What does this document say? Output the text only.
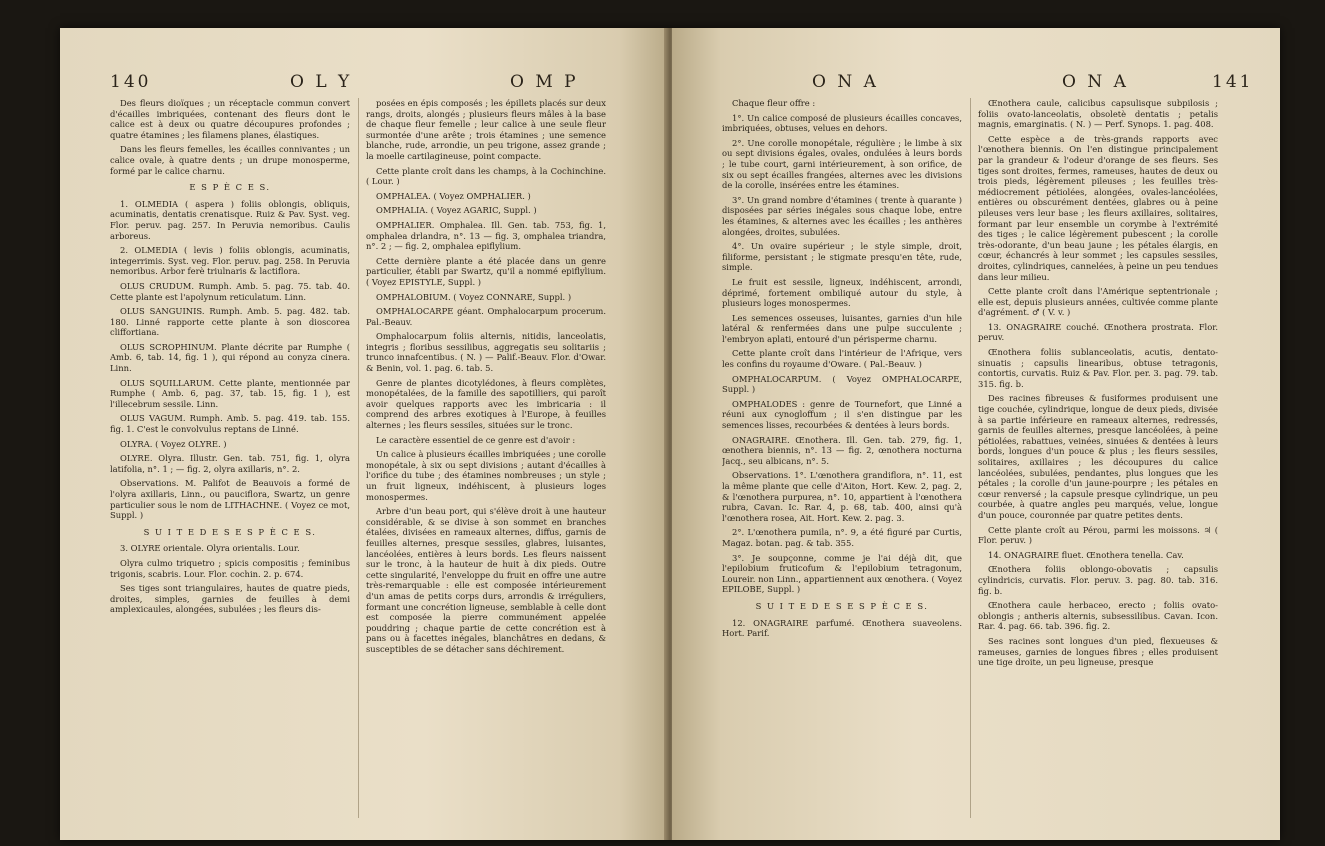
140	O L Y	O M P

Des fleurs dioïques ; un réceptacle commun convert d'écailles imbriquées, contenant des fleurs dont le calice est à deux ou quatre découpures profondes ; quatre étamines ; les filamens planes, élastiques.

Dans les fleurs femelles, les écailles connivantes ; un calice ovale, à quatre dents ; un drupe monosperme, formé par le calice charnu.

E S P È C E S.

1. OLMEDIA ( aspera ) foliis oblongis, obliquis, acuminatis, dentatis crenatisque. Ruiz & Pav. Syst. veg. Flor. peruv. pag. 257. In Peruvia nemoribus. Caulis arboreus.

2. OLMEDIA ( levis ) foliis oblongis, acuminatis, integerrimis. Syst. veg. Flor. peruv. pag. 258. In Peruvia nemoribus. Arbor ferè triulnaris & lactiflora.

OLUS CRUDUM. Rumph. Amb. 5. pag. 75. tab. 40. Cette plante est l'apolynum reticulatum. Linn.

OLUS SANGUINIS. Rumph. Amb. 5. pag. 482. tab. 180. Linné rapporte cette plante à son dioscorea cliffortiana.

OLUS SCROPHINUM. Plante décrite par Rumphe ( Amb. 6, tab. 14, fig. 1 ), qui répond au conyza cinera. Linn.

OLUS SQUILLARUM. Cette plante, mentionnée par Rumphe ( Amb. 6, pag. 37, tab. 15, fig. 1 ), est l'illecebrum sessile. Linn.

OLUS VAGUM. Rumph. Amb. 5. pag. 419. tab. 155. fig. 1. C'est le convolvulus reptans de Linné.

OLYRA. ( Voyez OLYRE. )

OLYRE. Olyra. Illustr. Gen. tab. 751, fig. 1, olyra latifolia, n°. 1 ; — fig. 2, olyra axillaris, n°. 2.

Observations. M. Palifot de Beauvois a formé de l'olyra axillaris, Linn., ou pauciflora, Swartz, un genre particulier sous le nom de LITHACHNE. ( Voyez ce mot, Suppl. )

S U I T E D E S E S P È C E S.

3. OLYRE orientale. Olyra orientalis. Lour.

Olyra culmo triquetro ; spicis compositis ; feminibus trigonis, scabris. Lour. Flor. cochin. 2. p. 674.

Ses tiges sont triangulaires, hautes de quatre pieds, droites, simples, garnies de feuilles à demi amplexicaules, alongées, subulées ; les fleurs dis-

posées en épis composés ; les épillets placés sur deux rangs, droits, alongés ; plusieurs fleurs mâles à la base de chaque fleur femelle ; leur calice à une seule fleur surmontée d'une arête ; trois étamines ; une semence blanche, rude, arrondie, un peu trigone, assez grande ; la moelle cartilagineuse, point compacte.

Cette plante croît dans les champs, à la Cochinchine. ( Lour. )

OMPHALEA. ( Voyez OMPHALIER. )

OMPHALIA. ( Voyez AGARIC, Suppl. )

OMPHALIER. Omphalea. Ill. Gen. tab. 753, fig. 1, omphalea drlandra, n°. 13 — fig. 3, omphalea triandra, n°. 2 ; — fig. 2, omphalea epiflylium.

Cette dernière plante a été placée dans un genre particulier, établi par Swartz, qu'il a nommé epiflylium. ( Voyez EPISTYLE, Suppl. )

OMPHALOBIUM. ( Voyez CONNARE, Suppl. )

OMPHALOCARPE géant. Omphalocarpum procerum. Pal.-Beauv.

Omphalocarpum foliis alternis, nitidis, lanceolatis, integris ; floribus sessilibus, aggregatis seu solitariis ; trunco innafcentibus. ( N. ) — Palif.-Beauv. Flor. d'Owar. & Benin, vol. 1. pag. 6. tab. 5.

Genre de plantes dicotylédones, à fleurs complètes, monopétalées, de la famille des sapotilliers, qui paroît avoir quelques rapports avec les imbricaria : il comprend des arbres exotiques à l'Europe, à feuilles alternes ; les fleurs sessiles, situées sur le tronc.

Le caractère essentiel de ce genre est d'avoir :

Un calice à plusieurs écailles imbriquées ; une corolle monopétale, à six ou sept divisions ; autant d'écailles à l'orifice du tube ; des étamines nombreuses ; un style ; un fruit ligneux, indéhiscent, à plusieurs loges monospermes.

Arbre d'un beau port, qui s'élève droit à une hauteur considérable, & se divise à son sommet en branches étalées, divisées en rameaux alternes, diffus, garnis de feuilles alternes, presque sessiles, glabres, luisantes, lancéolées, entières à leurs bords. Les fleurs naissent sur le tronc, à la hauteur de huit à dix pieds. Outre cette singularité, l'enveloppe du fruit en offre une autre très-remarquable : elle est composée intérieurement d'un amas de petits corps durs, arrondis & irréguliers, formant une concrétion ligneuse, semblable à celle dont est composée la pierre communément appelée pouddring ; chaque partie de cette concrétion est à pans ou à facettes inégales, blanchâtres en dedans, & susceptibles de se détacher sans déchirement.

O N A	O N A	141

Chaque fleur offre :

1°. Un calice composé de plusieurs écailles concaves, imbriquées, obtuses, velues en dehors.

2°. Une corolle monopétale, régulière ; le limbe à six ou sept divisions égales, ovales, ondulées à leurs bords ; le tube court, garni intérieurement, à son orifice, de six ou sept écailles frangées, alternes avec les divisions de la corolle, insérées entre les étamines.

3°. Un grand nombre d'étamines ( trente à quarante ) disposées par séries inégales sous chaque lobe, entre les étamines, & alternes avec les écailles ; les anthères alongées, droites, subulées.

4°. Un ovaire supérieur ; le style simple, droit, filiforme, persistant ; le stigmate presqu'en tête, rude, simple.

Le fruit est sessile, ligneux, indéhiscent, arrondi, déprimé, fortement ombiliqué autour du style, à plusieurs loges monospermes.

Les semences osseuses, luisantes, garnies d'un hile latéral & renfermées dans une pulpe succulente ; l'embryon aplati, entouré d'un périsperme charnu.

Cette plante croît dans l'intérieur de l'Afrique, vers les confins du royaume d'Oware. ( Pal.-Beauv. )

OMPHALOCARPUM. ( Voyez OMPHALOCARPE, Suppl. )

OMPHALODES : genre de Tournefort, que Linné a réuni aux cynogloffum ; il s'en distingue par les semences lisses, recourbées & dentées à leurs bords.

ONAGRAIRE. Œnothera. Ill. Gen. tab. 279, fig. 1, œnothera biennis, n°. 13 — fig. 2, œnothera nocturna Jacq., seu albicans, n°. 5.

Observations. 1°. L'œnothera grandiflora, n°. 11, est la même plante que celle d'Aiton, Hort. Kew. 2, pag. 2, & l'œnothera purpurea, n°. 10, appartient à l'œnothera rubra, Cavan. Ic. Rar. 4, p. 68, tab. 400, ainsi qu'à l'œnothera rosea, Ait. Hort. Kew. 2. pag. 3.

2°. L'œnothera pumila, n°. 9, a été figuré par Curtis, Magaz. botan. pag. & tab. 355.

3°. Je soupçonne, comme je l'ai déjà dit, que l'epilobium fruticofum & l'epilobium tetragonum, Loureir. non Linn., appartiennent aux œnothera. ( Voyez EPILOBE, Suppl. )

S U I T E D E S E S P È C E S.

12. ONAGRAIRE parfumé. Œnothera suaveolens. Hort. Parif.

Œnothera caule, calicibus capsulisque subpilosis ; foliis ovato-lanceolatis, obsoletè dentatis ; petalis magnis, emarginatis. ( N. ) — Perf. Synops. 1. pag. 408.

Cette espèce a de très-grands rapports avec l'œnothera biennis. On l'en distingue principalement par la grandeur & l'odeur d'orange de ses fleurs. Ses tiges sont droites, fermes, rameuses, hautes de deux ou trois pieds, légèrement pileuses ; les feuilles très-médiocrement pétiolées, alongées, ovales-lancéolées, entières ou obscurément dentées, glabres ou à peine pileuses vers leur base ; les fleurs axillaires, solitaires, formant par leur ensemble un corymbe à l'extrémité des tiges ; le calice légèrement pubescent ; la corolle très-odorante, d'un beau jaune ; les pétales élargis, en cœur, échancrés à leur sommet ; les capsules sessiles, droites, cylindriques, cannelées, à peine un peu tendues dans leur milieu.

Cette plante croît dans l'Amérique septentrionale ; elle est, depuis plusieurs années, cultivée comme plante d'agrément. ♂ ( V. v. )

13. ONAGRAIRE couché. Œnothera prostrata. Flor. peruv.

Œnothera foliis sublanceolatis, acutis, dentato-sinuatis ; capsulis linearibus, obtuse tetragonis, contortis, curvatis. Ruiz & Pav. Flor. per. 3. pag. 79. tab. 315. fig. b.

Des racines fibreuses & fusiformes produisent une tige couchée, cylindrique, longue de deux pieds, divisée à sa partie inférieure en rameaux alternes, redressés, garnis de feuilles alternes, presque lancéolées, à peine pétiolées, rabattues, veinées, sinuées & dentées à leurs bords, longues d'un pouce & plus ; les fleurs sessiles, solitaires, axillaires ; les découpures du calice lancéolées, subulées, pendantes, plus longues que les pétales ; la corolle d'un jaune-pourpre ; les pétales en cœur renversé ; la capsule presque cylindrique, un peu courbée, à quatre angles peu marqués, velue, longue d'un pouce, couronnée par quatre petites dents.

Cette plante croît au Pérou, parmi les moissons. ♃ ( Flor. peruv. )

14. ONAGRAIRE fluet. Œnothera tenella. Cav.

Œnothera foliis oblongo-obovatis ; capsulis cylindricis, curvatis. Flor. peruv. 3. pag. 80. tab. 316. fig. b.

Œnothera caule herbaceo, erecto ; foliis ovato-oblongis ; antheris alternis, subsessilibus. Cavan. Icon. Rar. 4. pag. 66. tab. 396. fig. 2.

Ses racines sont longues d'un pied, flexueuses & rameuses, garnies de longues fibres ; elles produisent une tige droite, un peu ligneuse, presque
